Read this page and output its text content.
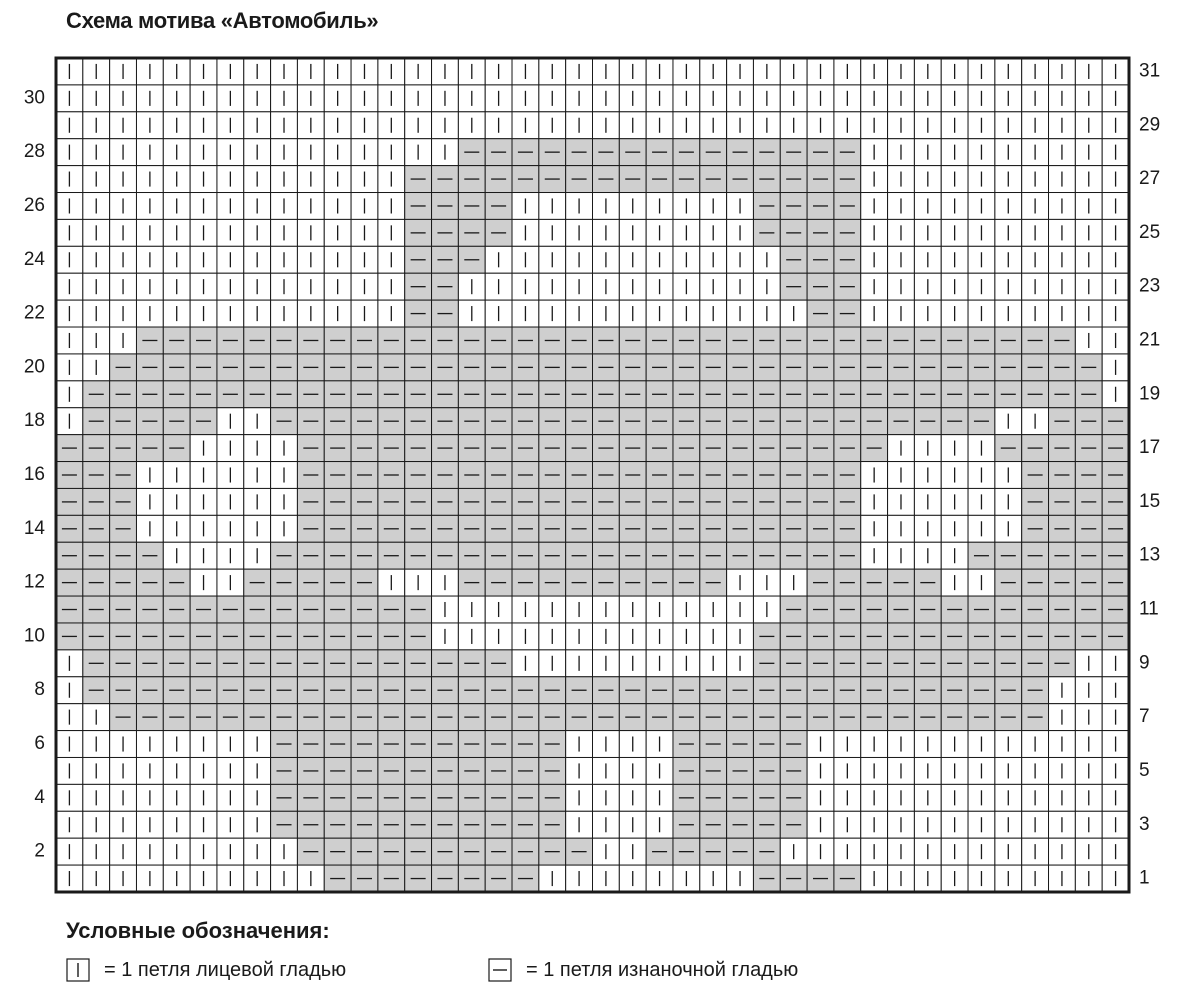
Схема мотива «Автомобиль»
30
28
26
24
22
20
18
16
14
12
10
8
6
4
2
31
29
27
25
23
21
19
17
15
13
11
9
7
5
3
1
Условные обозначения:
= 1 петля лицевой гладью	= 1 петля изнаночной гладью
